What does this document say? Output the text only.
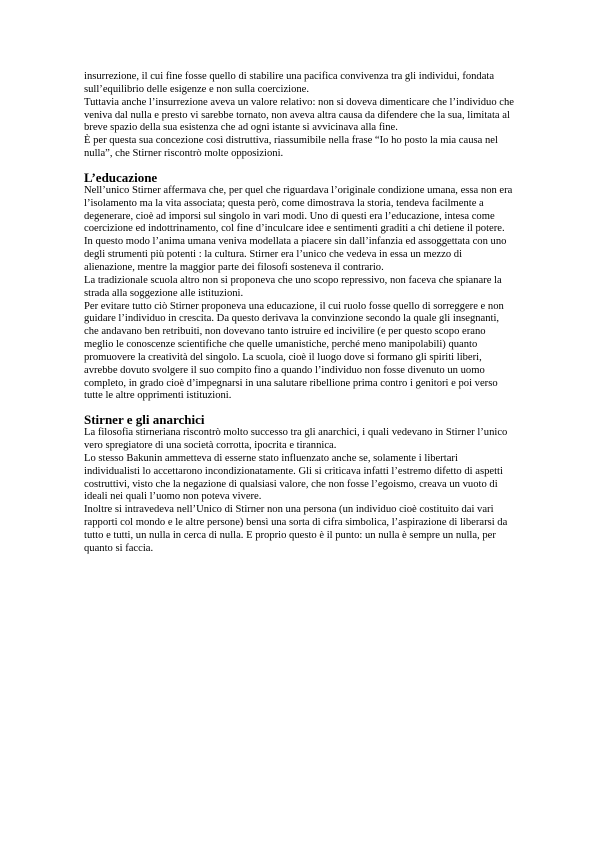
insurrezione, il cui fine fosse quello di stabilire una pacifica convivenza tra gli individui, fondata sull’equilibrio delle esigenze e non sulla coercizione.

Tuttavia anche l’insurrezione aveva un valore relativo: non si doveva dimenticare che l’individuo che veniva dal nulla e presto vi sarebbe tornato, non aveva altra causa da difendere che la sua, limitata al breve spazio della sua esistenza che ad ogni istante si avvicinava alla fine.

È per questa sua concezione così distruttiva, riassumibile nella frase “Io ho posto la mia causa nel nulla”, che Stirner riscontrò molte opposizioni.

L’educazione

Nell’unico Stirner affermava che, per quel che riguardava l’originale condizione umana, essa non era l’isolamento ma la vita associata; questa però, come dimostrava la storia, tendeva facilmente a degenerare, cioè ad imporsi sul singolo in vari modi. Uno di questi era l’educazione, intesa come coercizione ed indottrinamento, col fine d’inculcare idee e sentimenti graditi a chi detiene il potere. In questo modo l’anima umana veniva modellata a piacere sin dall’infanzia ed assoggettata con uno degli strumenti più potenti : la cultura. Stirner era l’unico che vedeva in essa un mezzo di alienazione, mentre la maggior parte dei filosofi sosteneva il contrario.

La tradizionale scuola altro non si proponeva che uno scopo repressivo, non faceva che spianare la strada alla soggezione alle istituzioni.

Per evitare tutto ciò Stirner proponeva una educazione, il cui ruolo fosse quello di sorreggere e non guidare l’individuo in crescita. Da questo derivava la convinzione secondo la quale gli insegnanti, che andavano ben retribuiti, non dovevano tanto istruire ed incivilire (e per questo scopo erano meglio le conoscenze scientifiche che quelle umanistiche, perché meno manipolabili) quanto promuovere la creatività del singolo. La scuola, cioè il luogo dove si formano gli spiriti liberi, avrebbe dovuto svolgere il suo compito fino a quando l’individuo non fosse divenuto un uomo completo, in grado cioè d’impegnarsi in una salutare ribellione prima contro i genitori e poi verso tutte le altre opprimenti istituzioni.

Stirner e gli anarchici

La filosofia stirneriana riscontrò molto successo tra gli anarchici, i quali vedevano in Stirner l’unico vero spregiatore di una società corrotta, ipocrita e tirannica.

Lo stesso Bakunin ammetteva di esserne stato influenzato anche se, solamente i libertari individualisti lo accettarono incondizionatamente. Gli si criticava infatti l’estremo difetto di aspetti costruttivi, visto che la negazione di qualsiasi valore, che non fosse l’egoismo, creava un vuoto di ideali nei quali l’uomo non poteva vivere.

Inoltre si intravedeva nell’Unico di Stirner non una persona (un individuo cioè costituito dai vari rapporti col mondo e le altre persone) bensì una sorta di cifra simbolica, l’aspirazione di liberarsi da tutto e tutti, un nulla in cerca di nulla. E proprio questo è il punto: un nulla è sempre un nulla, per quanto si faccia.
